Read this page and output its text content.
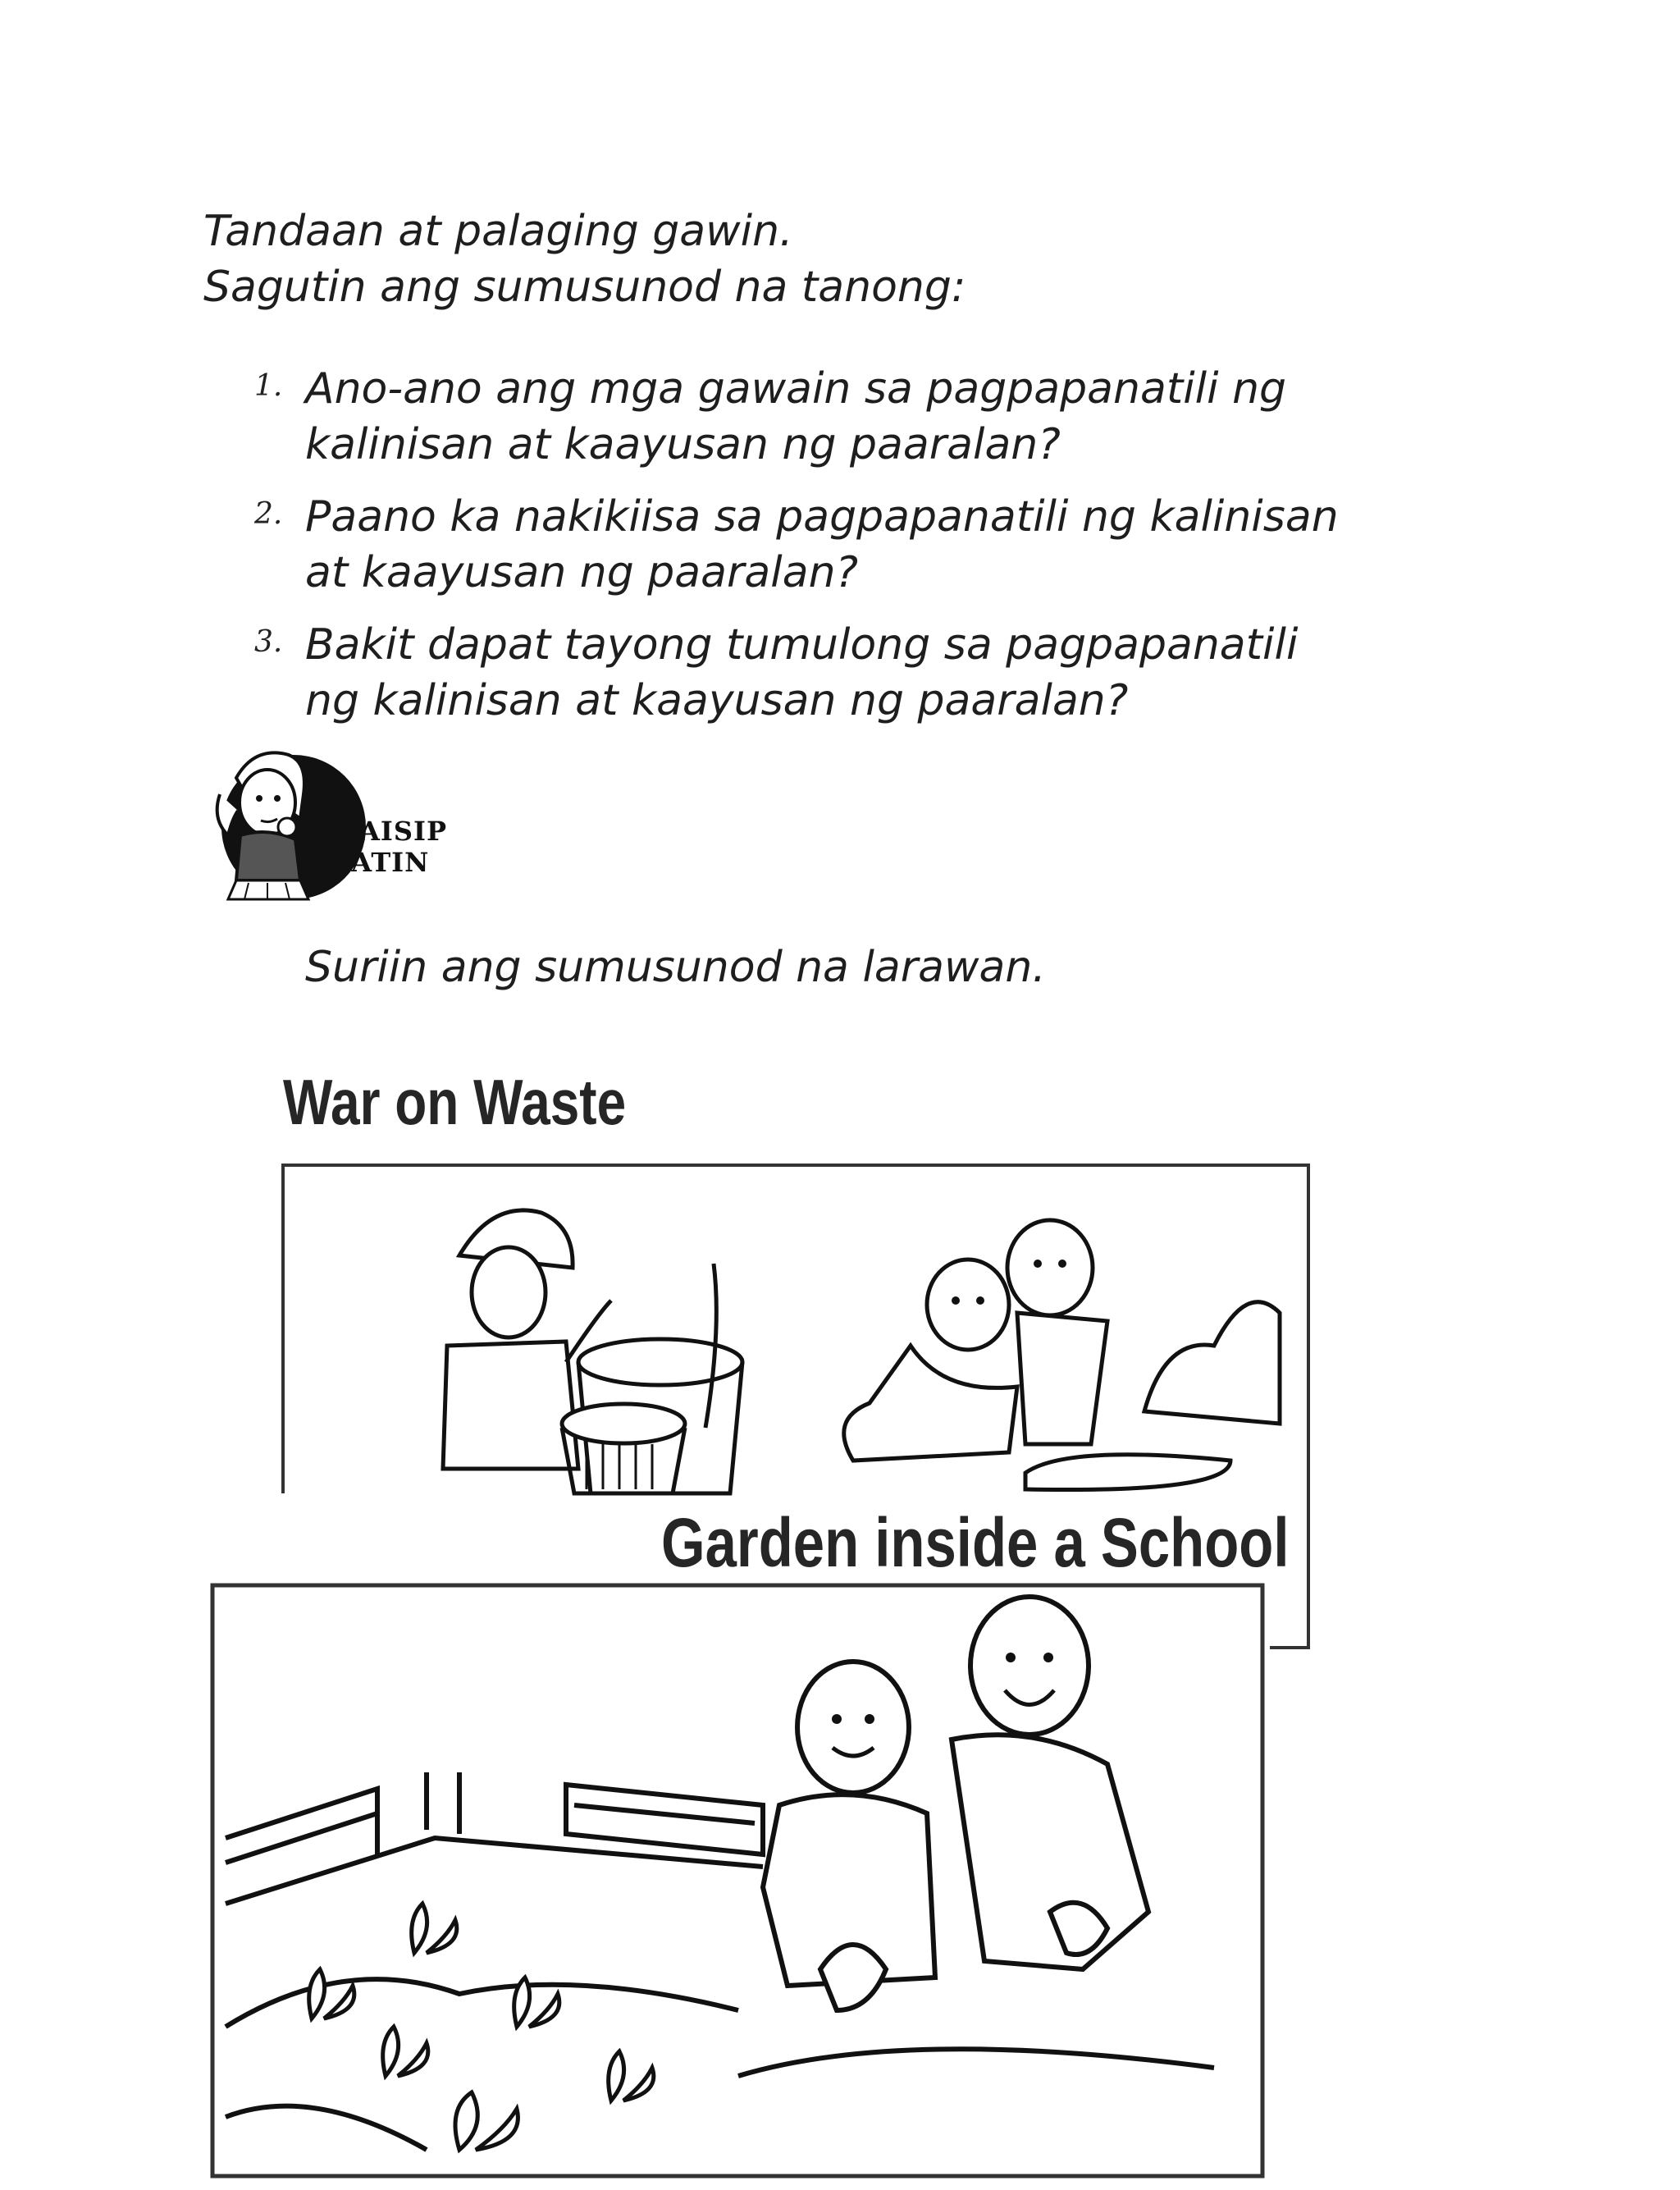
Tandaan at palaging gawin.
Sagutin ang sumusunod na tanong:
1. Ano-ano ang mga gawain sa pagpapanatili ng
kalinisan at kaayusan ng paaralan?
2. Paano ka nakikiisa sa pagpapanatili ng kalinisan
at kaayusan ng paaralan?
3. Bakit dapat tayong tumulong sa pagpapanatili
ng kalinisan at kaayusan ng paaralan?
ISAISIP NATIN
Suriin ang sumusunod na larawan.
War on Waste
Garden inside a School
